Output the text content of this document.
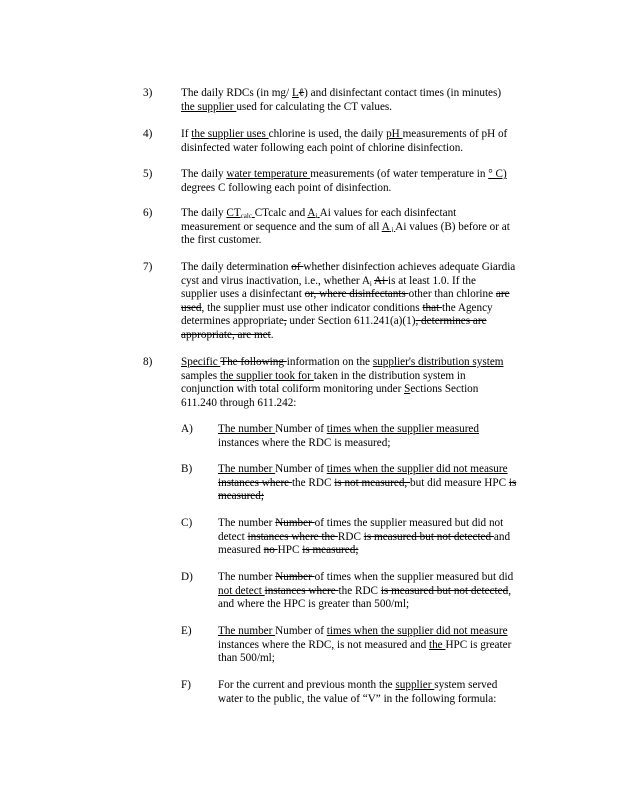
3)	The daily RDCs (in mg/ Lℓ) and disinfectant contact times (in minutes)
the supplier used for calculating the CT values.
4)	If the supplier uses chlorine is used, the daily pH measurements of pH of
disinfected water following each point of chlorine disinfection.
5)	The daily water temperature measurements (of water temperature in ° C)
degrees C following each point of disinfection.
6)	The daily $CT_{calc}$ CTcalc and $A_i$ Ai values for each disinfectant
measurement or sequence and the sum of all A $_i$ Ai values (B) before or at
the first customer.
7)	The daily determination of whether disinfection achieves adequate Giardia
cyst and virus inactivation, i.e., whether $A_i$ Ai is at least 1.0. If the
supplier uses a disinfectant or, where disinfectants other than chlorine are
used, the supplier must use other indicator conditions that the Agency
determines appropriate, under Section 611.241(a)(1), determines are
appropriate, are met.
8)	Specific The following information on the supplier's distribution system
samples the supplier took for taken in the distribution system in
conjunction with total coliform monitoring under Sections Section
611.240 through 611.242:
A) The number Number of times when the supplier measured
instances where the RDC is measured;
B) The number Number of times when the supplier did not measure
instances where the RDC is not measured, but did measure HPC is
measured;
C) The number Number of times the supplier measured but did not
detect instances where the RDC is measured but not detected and
measured no HPC is measured;
D) The number Number of times when the supplier measured but did
not detect instances where the RDC is measured but not detected,
and where the HPC is greater than 500/ml;
E) The number Number of times when the supplier did not measure
instances where the RDC, is not measured and the HPC is greater
than 500/ml;
F) For the current and previous month the supplier system served
water to the public, the value of “V” in the following formula:
